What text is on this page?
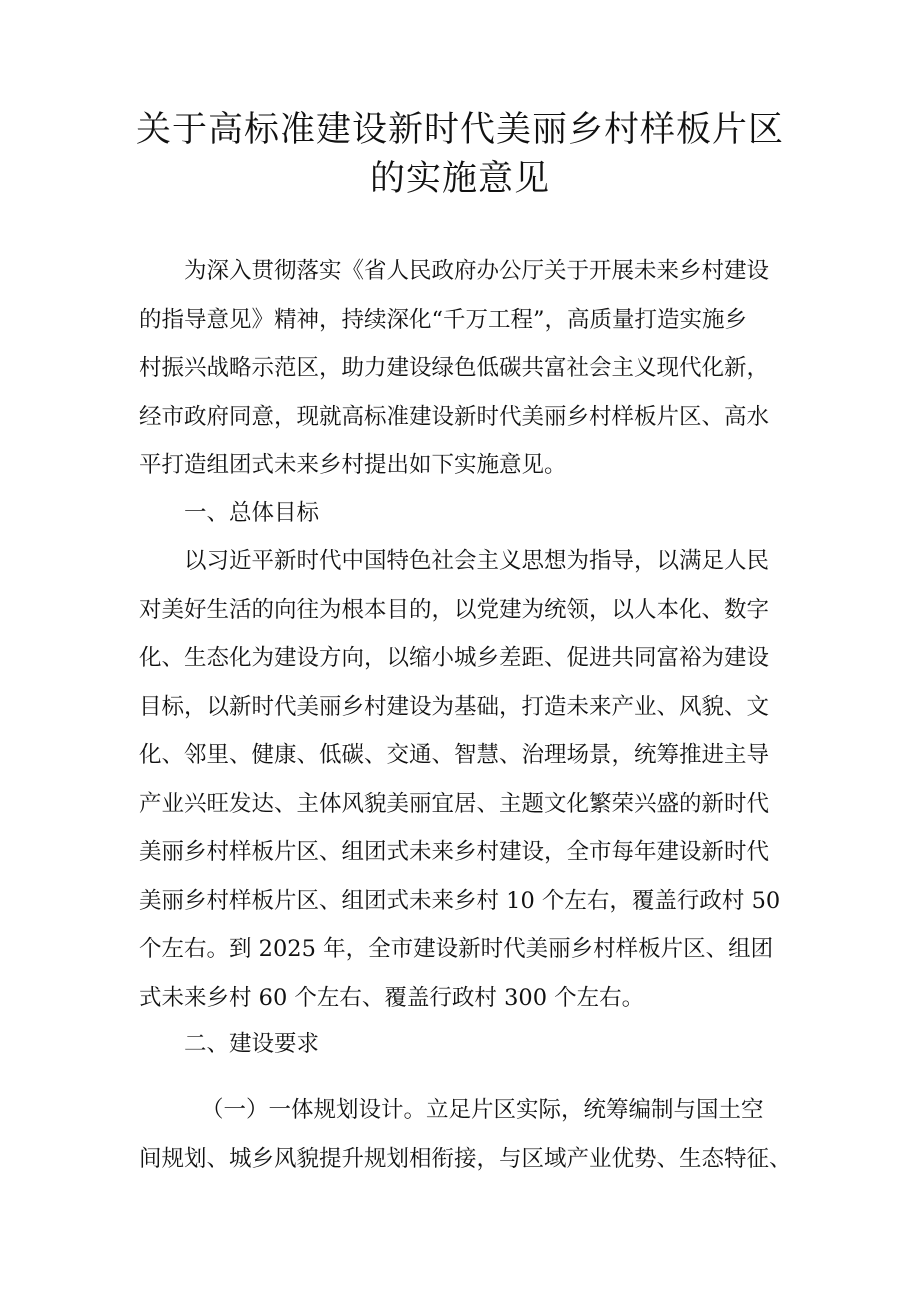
关于高标准建设新时代美丽乡村样板片区
的实施意见
为深入贯彻落实《省人民政府办公厅关于开展未来乡村建设
的指导意见》精神，持续深化“千万工程”，高质量打造实施乡
村振兴战略示范区，助力建设绿色低碳共富社会主义现代化新，
经市政府同意，现就高标准建设新时代美丽乡村样板片区、高水
平打造组团式未来乡村提出如下实施意见。
一、总体目标
以习近平新时代中国特色社会主义思想为指导，以满足人民
对美好生活的向往为根本目的，以党建为统领，以人本化、数字
化、生态化为建设方向，以缩小城乡差距、促进共同富裕为建设
目标，以新时代美丽乡村建设为基础，打造未来产业、风貌、文
化、邻里、健康、低碳、交通、智慧、治理场景，统筹推进主导
产业兴旺发达、主体风貌美丽宜居、主题文化繁荣兴盛的新时代
美丽乡村样板片区、组团式未来乡村建设，全市每年建设新时代
美丽乡村样板片区、组团式未来乡村 10 个左右，覆盖行政村 50
个左右。到 2025 年，全市建设新时代美丽乡村样板片区、组团
式未来乡村 60 个左右、覆盖行政村 300 个左右。
二、建设要求
（一）一体规划设计。立足片区实际，统筹编制与国土空
间规划、城乡风貌提升规划相衔接，与区域产业优势、生态特征、
